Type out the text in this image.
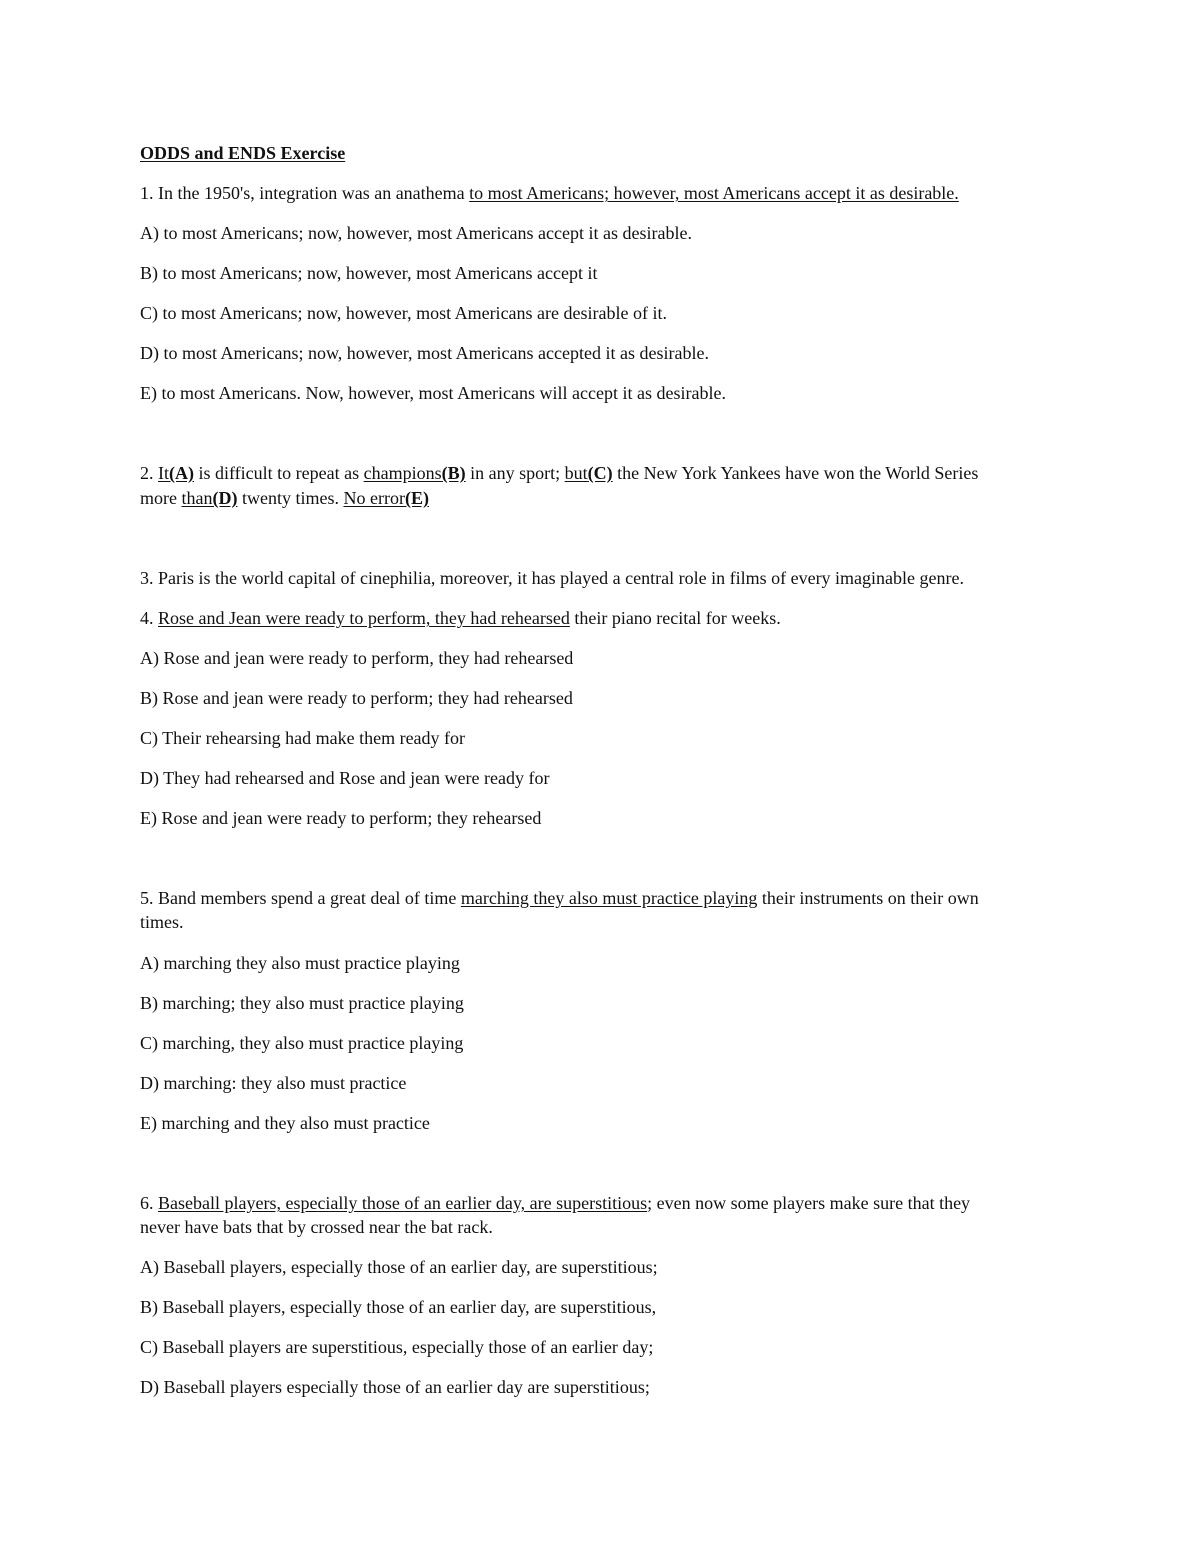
ODDS and ENDS Exercise

1. In the 1950's, integration was an anathema to most Americans; however, most Americans accept it as desirable.

A) to most Americans; now, however, most Americans accept it as desirable.

B) to most Americans; now, however, most Americans accept it

C) to most Americans; now, however, most Americans are desirable of it.

D) to most Americans; now, however, most Americans accepted it as desirable.

E) to most Americans. Now, however, most Americans will accept it as desirable.

2. It(A) is difficult to repeat as champions(B) in any sport; but(C) the New York Yankees have won the World Series

more than(D) twenty times. No error(E)

3. Paris is the world capital of cinephilia, moreover, it has played a central role in films of every imaginable genre.

4. Rose and Jean were ready to perform, they had rehearsed their piano recital for weeks.

A) Rose and jean were ready to perform, they had rehearsed

B) Rose and jean were ready to perform; they had rehearsed

C) Their rehearsing had make them ready for

D) They had rehearsed and Rose and jean were ready for

E) Rose and jean were ready to perform; they rehearsed

5. Band members spend a great deal of time marching they also must practice playing their instruments on their own

times.

A) marching they also must practice playing

B) marching; they also must practice playing

C) marching, they also must practice playing

D) marching: they also must practice

E) marching and they also must practice

6. Baseball players, especially those of an earlier day, are superstitious; even now some players make sure that they

never have bats that by crossed near the bat rack.

A) Baseball players, especially those of an earlier day, are superstitious;

B) Baseball players, especially those of an earlier day, are superstitious,

C) Baseball players are superstitious, especially those of an earlier day;

D) Baseball players especially those of an earlier day are superstitious;
